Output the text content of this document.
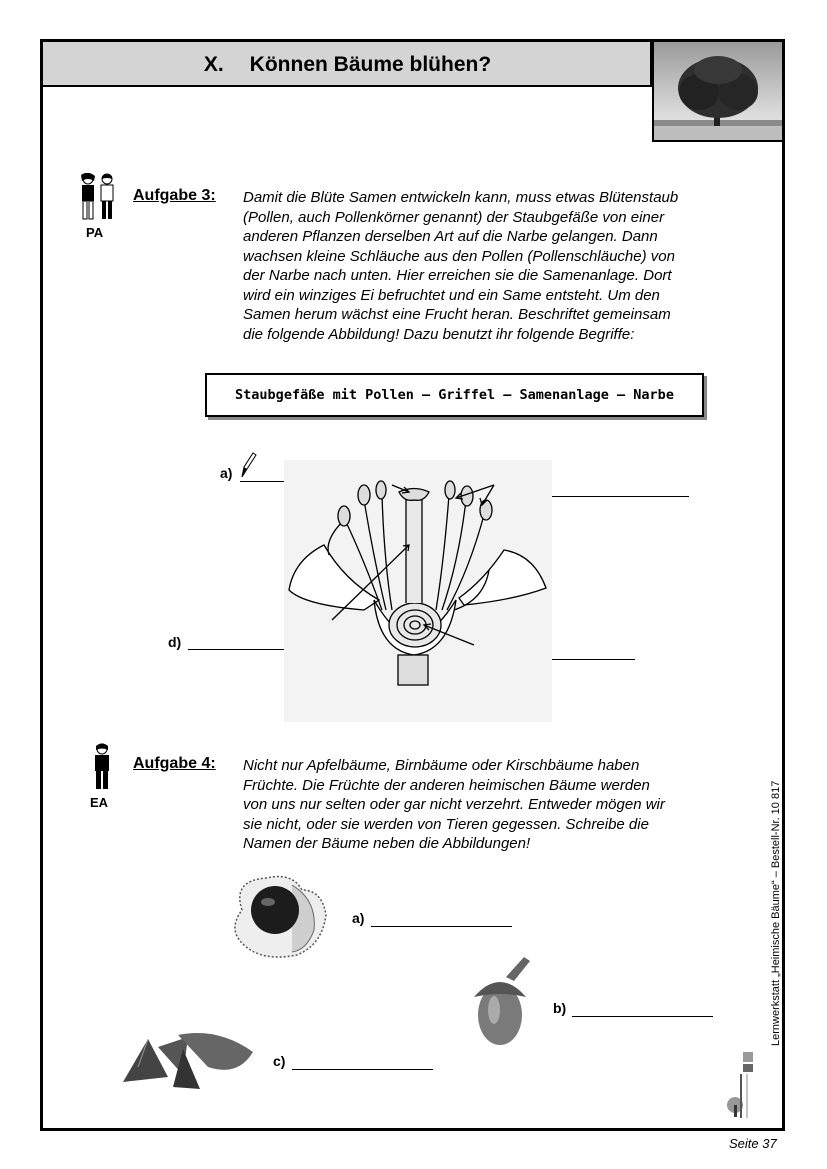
X. Können Bäume blühen?
PA
Aufgabe 3: Damit die Blüte Samen entwickeln kann, muss etwas Blütenstaub
(Pollen, auch Pollenkörner genannt) der Staubgefäße von einer
anderen Pflanzen derselben Art auf die Narbe gelangen. Dann
wachsen kleine Schläuche aus den Pollen (Pollenschläuche) von
der Narbe nach unten. Hier erreichen sie die Samenanlage. Dort
wird ein winziges Ei befruchtet und ein Same entsteht. Um den
Samen herum wächst eine Frucht heran. Beschriftet gemeinsam
die folgende Abbildung! Dazu benutzt ihr folgende Begriffe:
Staubgefäße mit Pollen – Griffel – Samenanlage – Narbe
a)
d)
EA
Aufgabe 4: Nicht nur Apfelbäume, Birnbäume oder Kirschbäume haben
Früchte. Die Früchte der anderen heimischen Bäume werden
von uns nur selten oder gar nicht verzehrt. Entweder mögen wir
sie nicht, oder sie werden von Tieren gegessen. Schreibe die
Namen der Bäume neben die Abbildungen!
a)
b)
c)
Lernwerkstatt „Heimische Bäume“ – Bestell-Nr. 10 817
Seite 37
